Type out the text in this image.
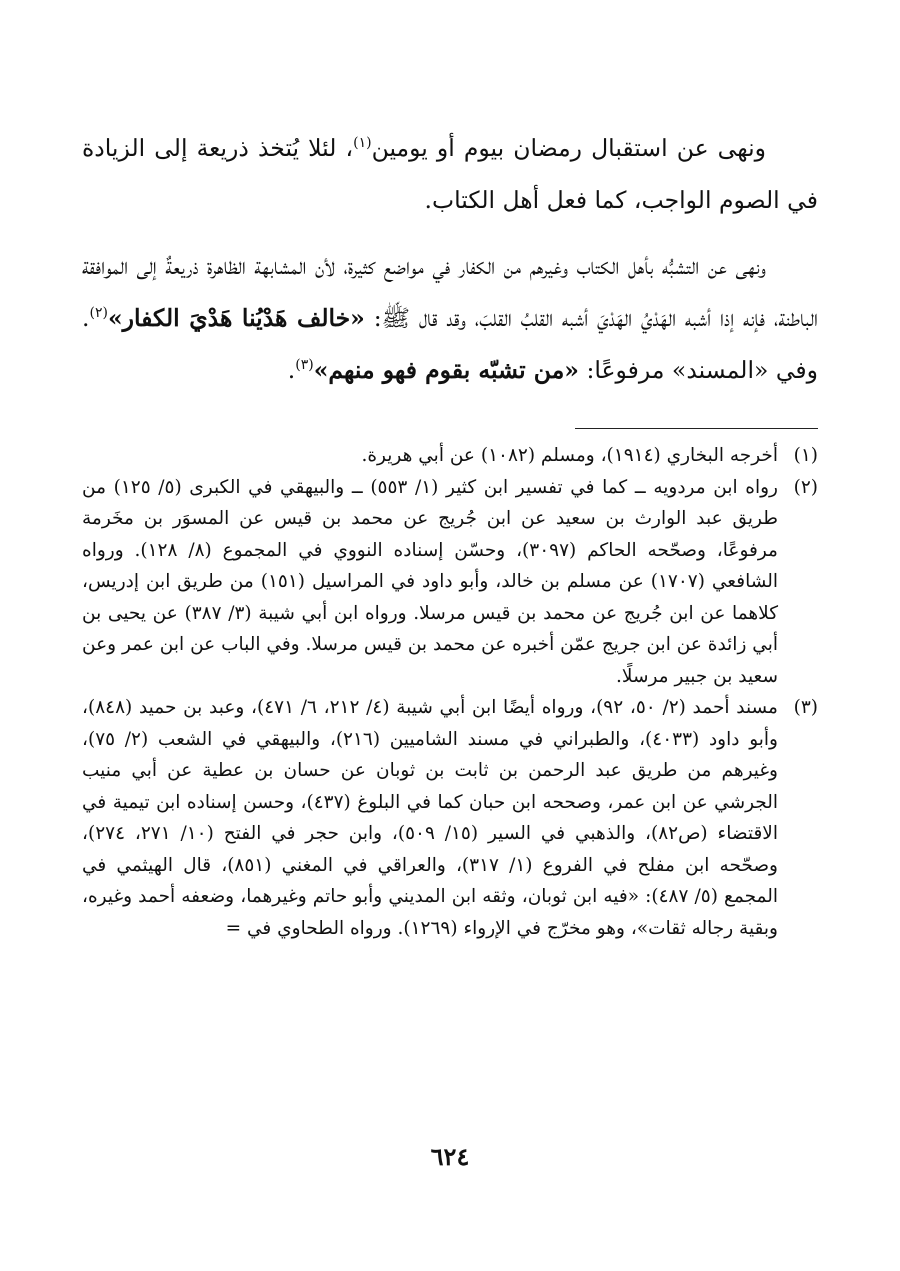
ونهى عن استقبال رمضان بيوم أو يومين$^{(١)}$، لئلا يُتخذ ذريعة إلى الزيادة في الصوم الواجب، كما فعل أهل الكتاب.

ونهى عن التشبُّه بأهل الكتاب وغيرهم من الكفار في مواضع كثيرة، لأن المشابهة الظاهرة ذريعةٌ إلى الموافقة الباطنة، فإنه إذا أشبه الهَدْيُ الهَدْيَ أشبه القلبُ القلبَ، وقد قال ﷺ: «خالف هَدْيُنا هَدْيَ الكفار»$^{(٢)}$. وفي «المسند» مرفوعًا: «من تشبّه بقوم فهو منهم»$^{(٣)}$.

(١)
أخرجه البخاري (١٩١٤)، ومسلم (١٠٨٢) عن أبي هريرة.
(٢)
رواه ابن مردويه ــ كما في تفسير ابن كثير (١/ ٥٥٣) ــ والبيهقي في الكبرى (٥/ ١٢٥) من طريق عبد الوارث بن سعيد عن ابن جُريج عن محمد بن قيس عن المسوَر بن مخَرمة مرفوعًا، وصحّحه الحاكم (٣٠٩٧)، وحسّن إسناده النووي في المجموع (٨/ ١٢٨). ورواه الشافعي (١٧٠٧) عن مسلم بن خالد، وأبو داود في المراسيل (١٥١) من طريق ابن إدريس، كلاهما عن ابن جُريج عن محمد بن قيس مرسلا. ورواه ابن أبي شيبة (٣/ ٣٨٧) عن يحيى بن أبي زائدة عن ابن جريج عمّن أخبره عن محمد بن قيس مرسلا. وفي الباب عن ابن عمر وعن سعيد بن جبير مرسلًا.
(٣)
مسند أحمد (٢/ ٥٠، ٩٢)، ورواه أيضًا ابن أبي شيبة (٤/ ٢١٢، ٦/ ٤٧١)، وعبد بن حميد (٨٤٨)، وأبو داود (٤٠٣٣)، والطبراني في مسند الشاميين (٢١٦)، والبيهقي في الشعب (٢/ ٧٥)، وغيرهم من طريق عبد الرحمن بن ثابت بن ثوبان عن حسان بن عطية عن أبي منيب الجرشي عن ابن عمر، وصححه ابن حبان كما في البلوغ (٤٣٧)، وحسن إسناده ابن تيمية في الاقتضاء (ص٨٢)، والذهبي في السير (١٥/ ٥٠٩)، وابن حجر في الفتح (١٠/ ٢٧١، ٢٧٤)، وصحّحه ابن مفلح في الفروع (١/ ٣١٧)، والعراقي في المغني (٨٥١)، قال الهيثمي في المجمع (٥/ ٤٨٧): «فيه ابن ثوبان، وثقه ابن المديني وأبو حاتم وغيرهما، وضعفه أحمد وغيره، وبقية رجاله ثقات»، وهو مخرّج في الإرواء (١٢٦٩). ورواه الطحاوي في =
٦٢٤
